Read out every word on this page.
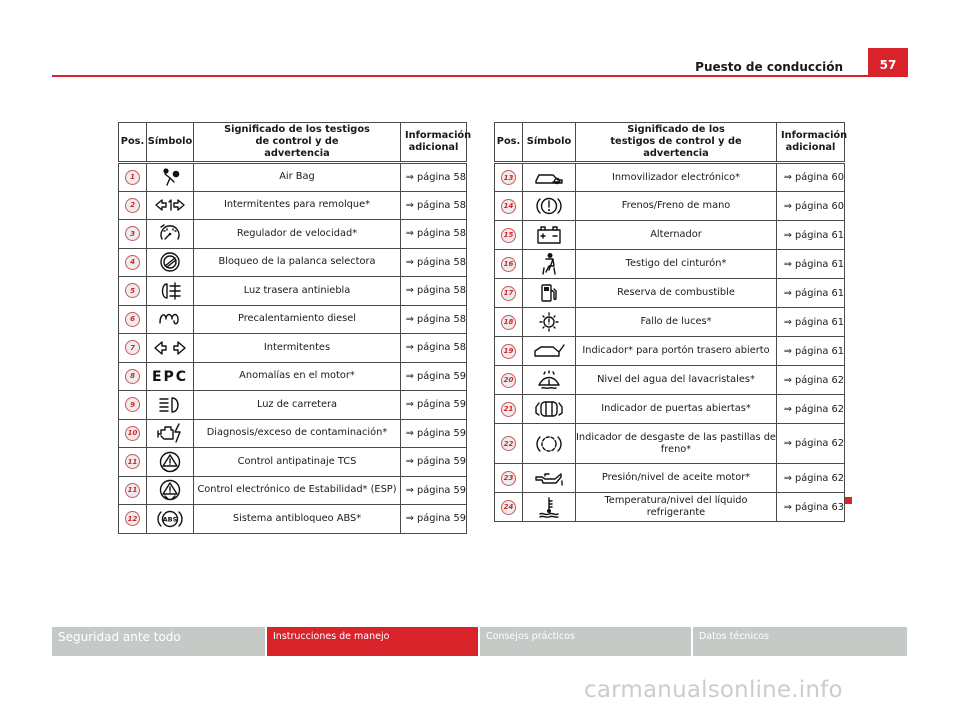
Puesto de conducción	57
Pos.	Símbolo	Significado de los testigos de control y de advertencia	Información adicional

1		Air Bag	⇒ página 58

2		Intermitentes para remolque*	⇒ página 58

3		Regulador de velocidad*	⇒ página 58

4		Bloqueo de la palanca selectora	⇒ página 58

5		Luz trasera antiniebla	⇒ página 58

6		Precalentamiento diesel	⇒ página 58

7		Intermitentes	⇒ página 58

8	EPC	Anomalías en el motor*	⇒ página 59

9		Luz de carretera	⇒ página 59

10		Diagnosis/exceso de contaminación*	⇒ página 59

11		Control antipatinaje TCS	⇒ página 59

11		Control electrónico de Estabilidad* (ESP)	⇒ página 59

12	ABS	Sistema antibloqueo ABS*	⇒ página 59
Pos.	Símbolo	Significado de los testigos de control y de advertencia	Información adicional

13		Inmovilizador electrónico*	⇒ página 60

14		Frenos/Freno de mano	⇒ página 60

15		Alternador	⇒ página 61

16		Testigo del cinturón*	⇒ página 61

17		Reserva de combustible	⇒ página 61

18		Fallo de luces*	⇒ página 61

19		Indicador* para portón trasero abierto	⇒ página 61

20		Nivel del agua del lavacristales*	⇒ página 62

21		Indicador de puertas abiertas*	⇒ página 62

22		Indicador de desgaste de las pastillas de freno*	⇒ página 62

23		Presión/nivel de aceite motor*	⇒ página 62

24		Temperatura/nivel del líquido refrigerante	⇒ página 63
Seguridad ante todo	Instrucciones de manejo	Consejos prácticos	Datos técnicos
carmanualsonline.info
